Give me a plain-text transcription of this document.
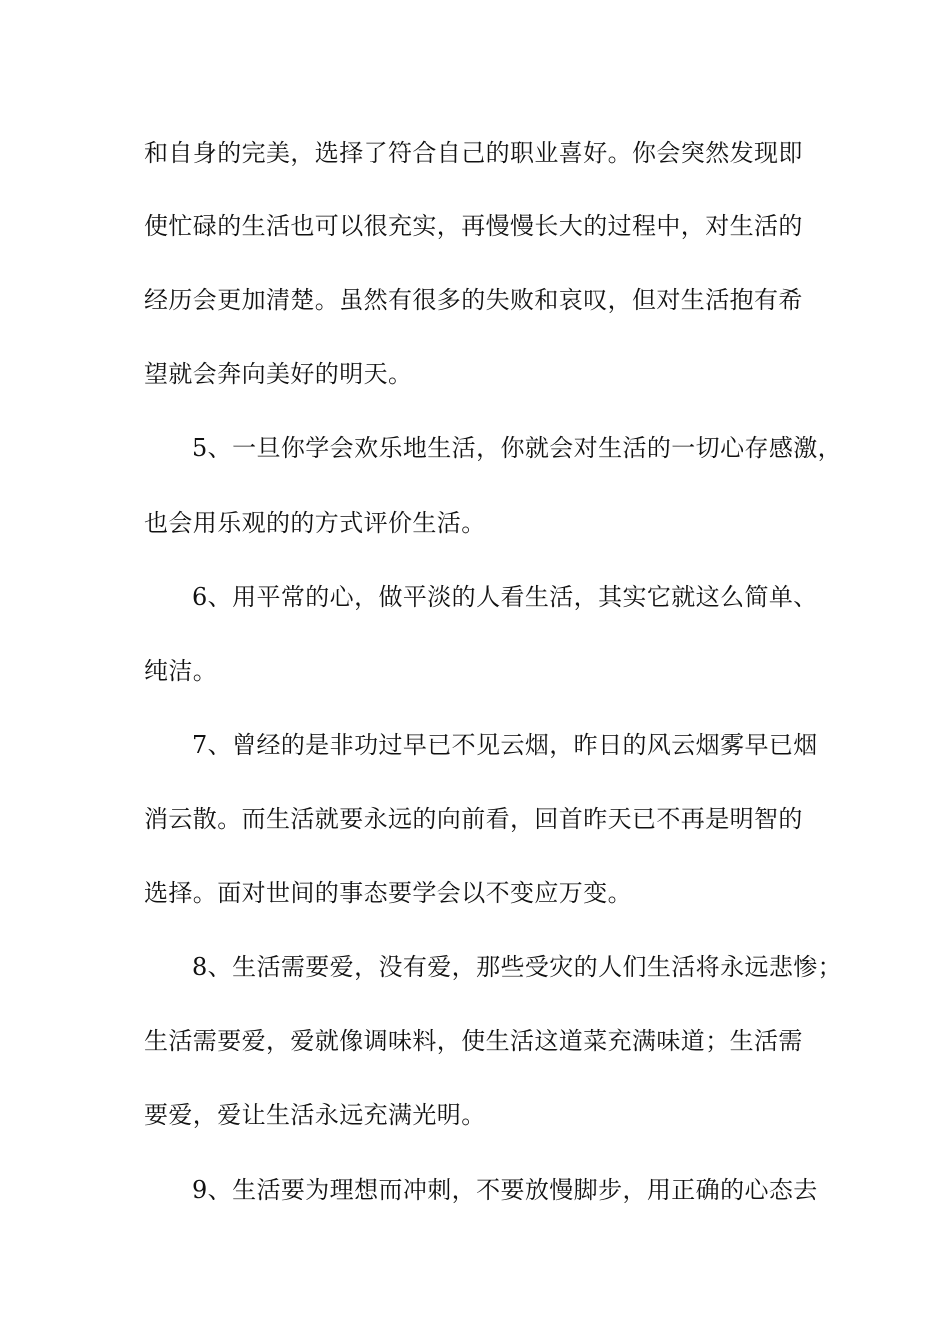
和自身的完美，选择了符合自己的职业喜好。你会突然发现即
使忙碌的生活也可以很充实，再慢慢长大的过程中，对生活的
经历会更加清楚。虽然有很多的失败和哀叹，但对生活抱有希
望就会奔向美好的明天。
5、一旦你学会欢乐地生活，你就会对生活的一切心存感激，
也会用乐观的的方式评价生活。
6、用平常的心，做平淡的人看生活，其实它就这么简单、
纯洁。
7、曾经的是非功过早已不见云烟，昨日的风云烟雾早已烟
消云散。而生活就要永远的向前看，回首昨天已不再是明智的
选择。面对世间的事态要学会以不变应万变。
8、生活需要爱，没有爱，那些受灾的人们生活将永远悲惨；
生活需要爱，爱就像调味料，使生活这道菜充满味道；生活需
要爱，爱让生活永远充满光明。
9、生活要为理想而冲刺，不要放慢脚步，用正确的心态去
